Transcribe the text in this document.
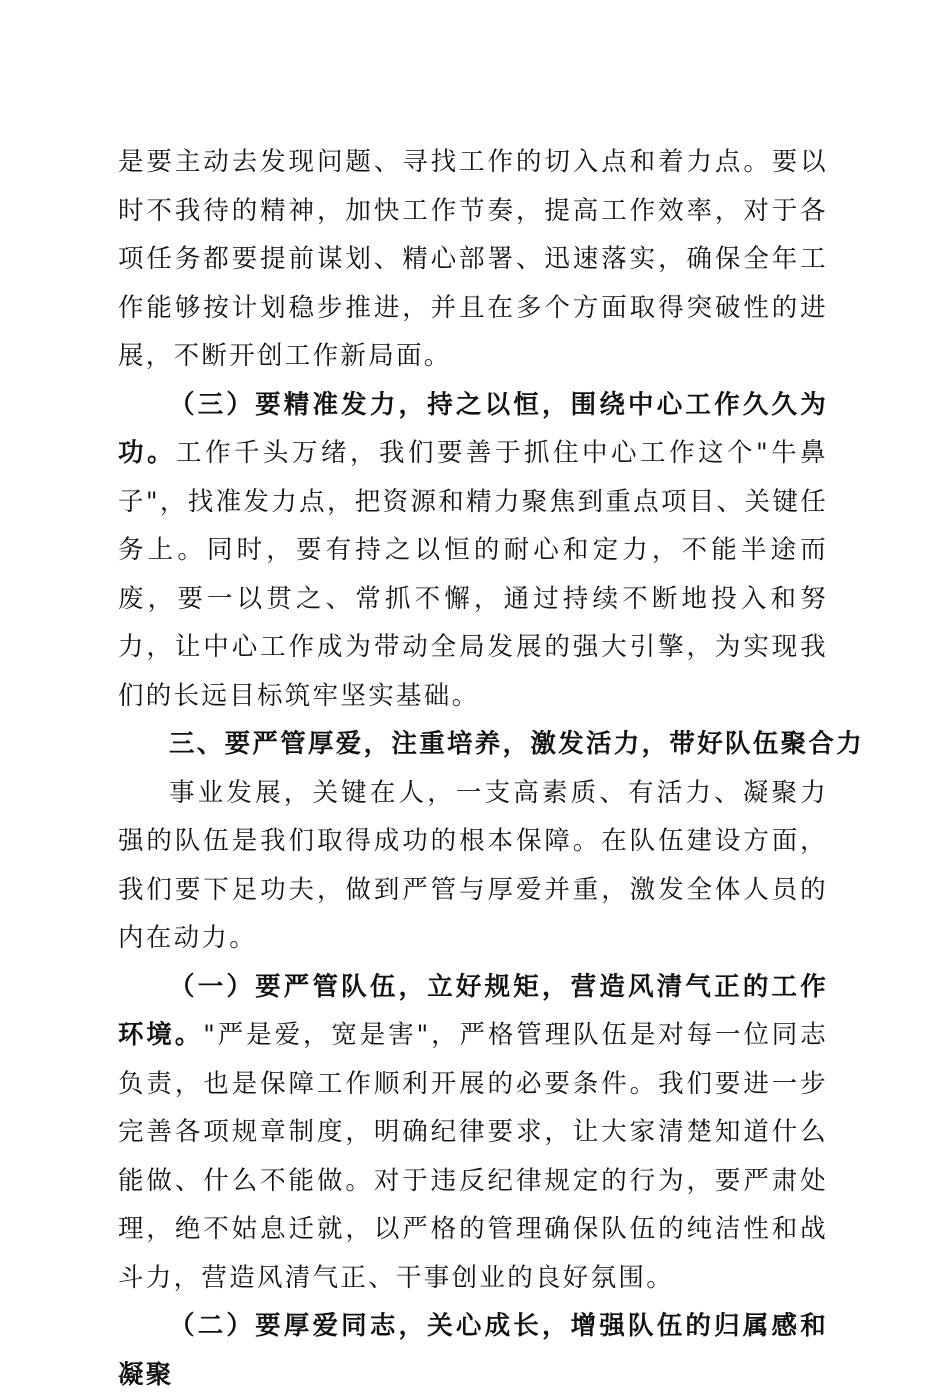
是要主动去发现问题、寻找工作的切入点和着力点。要以时不我待的精神，加快工作节奏，提高工作效率，对于各项任务都要提前谋划、精心部署、迅速落实，确保全年工作能够按计划稳步推进，并且在多个方面取得突破性的进展，不断开创工作新局面。

（三）要精准发力，持之以恒，围绕中心工作久久为功。工作千头万绪，我们要善于抓住中心工作这个"牛鼻子"，找准发力点，把资源和精力聚焦到重点项目、关键任务上。同时，要有持之以恒的耐心和定力，不能半途而废，要一以贯之、常抓不懈，通过持续不断地投入和努力，让中心工作成为带动全局发展的强大引擎，为实现我们的长远目标筑牢坚实基础。

三、要严管厚爱，注重培养，激发活力，带好队伍聚合力

事业发展，关键在人，一支高素质、有活力、凝聚力强的队伍是我们取得成功的根本保障。在队伍建设方面，我们要下足功夫，做到严管与厚爱并重，激发全体人员的内在动力。

（一）要严管队伍，立好规矩，营造风清气正的工作环境。"严是爱，宽是害"，严格管理队伍是对每一位同志负责，也是保障工作顺利开展的必要条件。我们要进一步完善各项规章制度，明确纪律要求，让大家清楚知道什么能做、什么不能做。对于违反纪律规定的行为，要严肃处理，绝不姑息迁就，以严格的管理确保队伍的纯洁性和战斗力，营造风清气正、干事创业的良好氛围。

（二）要厚爱同志，关心成长，增强队伍的归属感和凝聚
